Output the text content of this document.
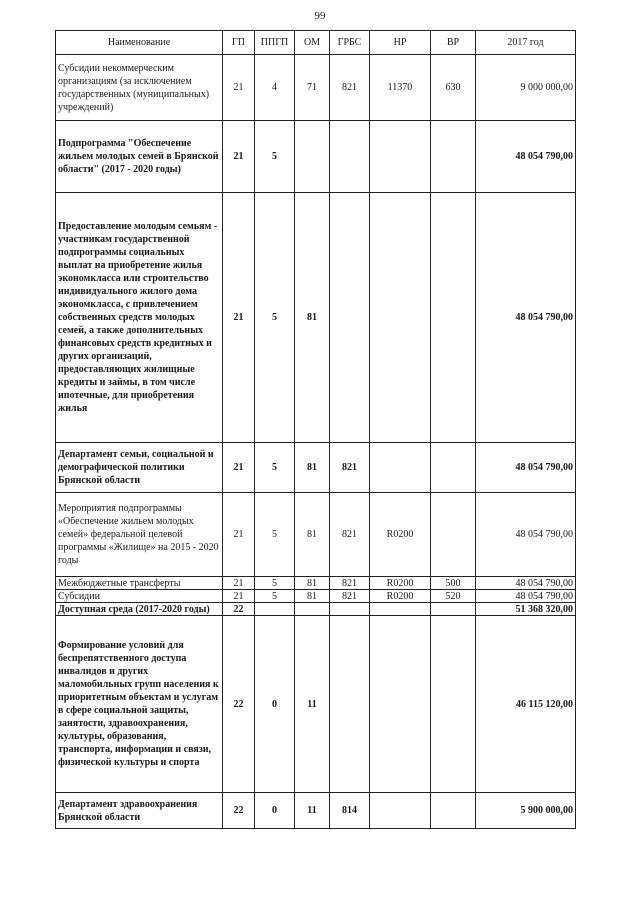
99
Наименование	ГП	ППГП	ОМ	ГРБС	НР	ВР	2017 год
Субсидии некоммерческим организациям (за исключением государственных (муниципальных) учреждений)	21	4	71	821	11370	630	9 000 000,00
Подпрограмма "Обеспечение жильем молодых семей в Брянской области" (2017 - 2020 годы)	21	5					48 054 790,00
Предоставление молодым семьям - участникам государственной подпрограммы социальных выплат на приобретение жилья экономкласса или строительство индивидуального жилого дома экономкласса, с привлечением собственных средств молодых семей, а также дополнительных финансовых средств кредитных и других организаций, предоставляющих жилищные кредиты и займы, в том числе ипотечные, для приобретения жилья	21	5	81				48 054 790,00
Департамент семьи, социальной и демографической политики Брянской области	21	5	81	821			48 054 790,00
Мероприятия подпрограммы «Обеспечение жильем молодых семей» федеральной целевой программы «Жилище» на 2015 - 2020 годы	21	5	81	821	R0200		48 054 790,00
Межбюджетные трансферты	21	5	81	821	R0200	500	48 054 790,00
Субсидии	21	5	81	821	R0200	520	48 054 790,00
Доступная среда (2017-2020 годы)	22						51 368 320,00
Формирование условий для беспрепятственного доступа инвалидов и других маломобильных групп населения к приоритетным объектам и услугам в сфере социальной защиты, занятости, здравоохранения, культуры, образования, транспорта, информации и связи, физической культуры и спорта	22	0	11				46 115 120,00
Департамент здравоохранения Брянской области	22	0	11	814			5 900 000,00
